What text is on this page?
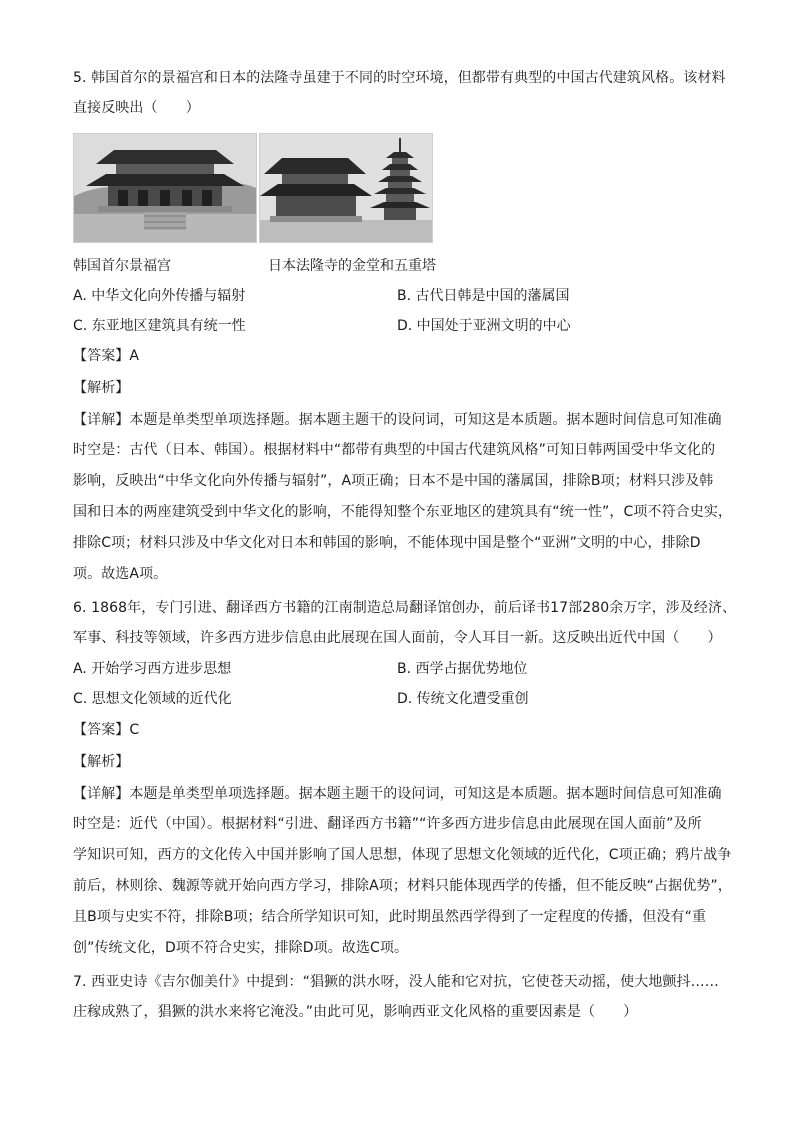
5. 韩国首尔的景福宫和日本的法隆寺虽建于不同的时空环境，但都带有典型的中国古代建筑风格。该材料
直接反映出（　　）
韩国首尔景福宫	日本法隆寺的金堂和五重塔
A. 中华文化向外传播与辐射	B. 古代日韩是中国的藩属国
C. 东亚地区建筑具有统一性	D. 中国处于亚洲文明的中心
【答案】A
【解析】
【详解】本题是单类型单项选择题。据本题主题干的设问词，可知这是本质题。据本题时间信息可知准确
时空是：古代（日本、韩国）。根据材料中“都带有典型的中国古代建筑风格”可知日韩两国受中华文化的
影响，反映出“中华文化向外传播与辐射”，A项正确；日本不是中国的藩属国，排除B项；材料只涉及韩
国和日本的两座建筑受到中华文化的影响，不能得知整个东亚地区的建筑具有“统一性”，C项不符合史实，
排除C项；材料只涉及中华文化对日本和韩国的影响，不能体现中国是整个“亚洲”文明的中心，排除D
项。故选A项。
6. 1868年，专门引进、翻译西方书籍的江南制造总局翻译馆创办，前后译书17部280余万字，涉及经济、
军事、科技等领域，许多西方进步信息由此展现在国人面前，令人耳目一新。这反映出近代中国（　　）
A. 开始学习西方进步思想	B. 西学占据优势地位
C. 思想文化领域的近代化	D. 传统文化遭受重创
【答案】C
【解析】
【详解】本题是单类型单项选择题。据本题主题干的设问词，可知这是本质题。据本题时间信息可知准确
时空是：近代（中国）。根据材料“引进、翻译西方书籍”“许多西方进步信息由此展现在国人面前”及所
学知识可知，西方的文化传入中国并影响了国人思想，体现了思想文化领域的近代化，C项正确；鸦片战争
前后，林则徐、魏源等就开始向西方学习，排除A项；材料只能体现西学的传播，但不能反映“占据优势”，
且B项与史实不符，排除B项；结合所学知识可知，此时期虽然西学得到了一定程度的传播，但没有“重
创”传统文化，D项不符合史实，排除D项。故选C项。
7. 西亚史诗《吉尔伽美什》中提到：“猖獗的洪水呀，没人能和它对抗，它使苍天动摇，使大地颤抖……
庄稼成熟了，猖獗的洪水来将它淹没。”由此可见，影响西亚文化风格的重要因素是（　　）
